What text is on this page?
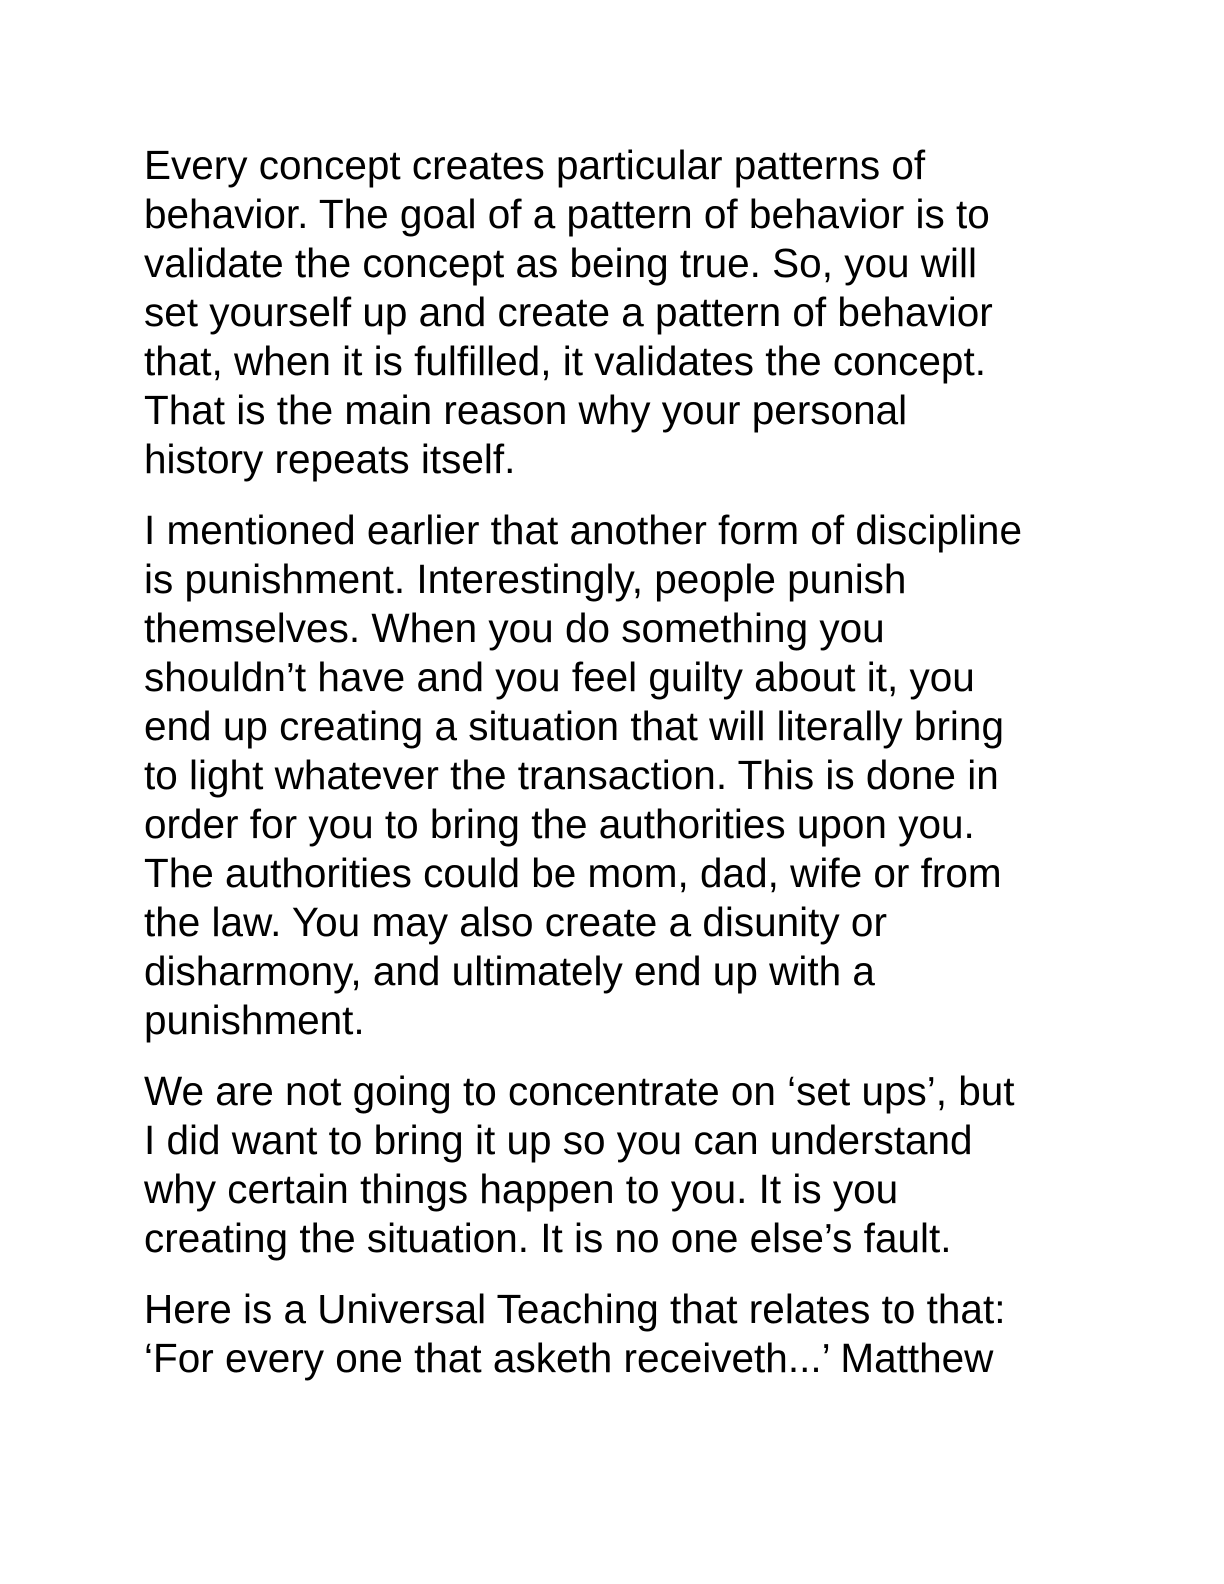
Every concept creates particular patterns of
behavior. The goal of a pattern of behavior is to
validate the concept as being true. So, you will
set yourself up and create a pattern of behavior
that, when it is fulfilled, it validates the concept.
That is the main reason why your personal
history repeats itself.

I mentioned earlier that another form of discipline
is punishment. Interestingly, people punish
themselves. When you do something you
shouldn’t have and you feel guilty about it, you
end up creating a situation that will literally bring
to light whatever the transaction. This is done in
order for you to bring the authorities upon you.
The authorities could be mom, dad, wife or from
the law. You may also create a disunity or
disharmony, and ultimately end up with a
punishment.

We are not going to concentrate on ‘set ups’, but
I did want to bring it up so you can understand
why certain things happen to you. It is you
creating the situation. It is no one else’s fault.

Here is a Universal Teaching that relates to that:
‘For every one that asketh receiveth...’ Matthew
